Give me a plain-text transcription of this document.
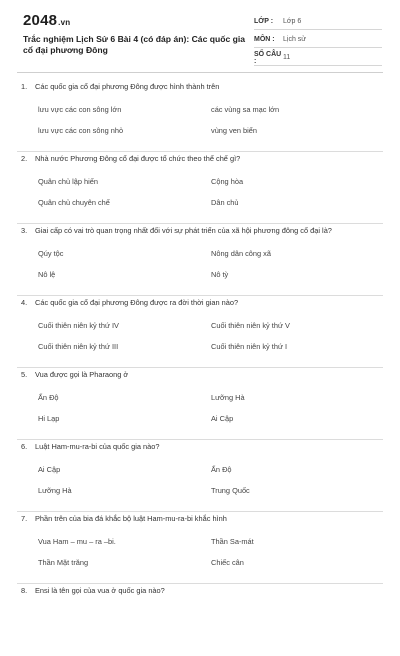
2048.vn
Trắc nghiệm Lịch Sử 6 Bài 4 (có đáp án): Các quốc gia cổ đại phương Đông
LỚP :	Lớp 6
MÔN :	Lịch sử
SỐ CÂU :	11
1. Các quốc gia cổ đại phương Đông được hình thành trên
lưu vực các con sông lớn	các vùng sa mạc lớn
lưu vực các con sông nhỏ	vùng ven biển
2. Nhà nước Phương Đông cổ đại được tổ chức theo thể chế gì?
Quân chủ lập hiến	Cộng hòa
Quân chủ chuyên chế	Dân chủ
3. Giai cấp có vai trò quan trọng nhất đối với sự phát triển của xã hội phương đông cổ đại là?
Qúy tộc	Nông dân công xã
Nô lệ	Nô tỳ
4. Các quốc gia cổ đại phương Đông được ra đời thời gian nào?
Cuối thiên niên kỷ thứ IV	Cuối thiên niên kỷ thứ V
Cuối thiên niên kỷ thứ III	Cuối thiên niên kỷ thứ I
5. Vua được gọi là Pharaong ở
Ấn Độ	Lưỡng Hà
Hi Lạp	Ai Cập
6. Luật Ham-mu-ra-bi của quốc gia nào?
Ai Cập	Ấn Độ
Lưỡng Hà	Trung Quốc
7. Phần trên của bia đá khắc bộ luật Ham-mu-ra-bi khắc hình
Vua Ham – mu – ra –bi.	Thần Sa-mát
Thần Mặt trăng	Chiếc cân
8. Ensi là tên gọi của vua ở quốc gia nào?
